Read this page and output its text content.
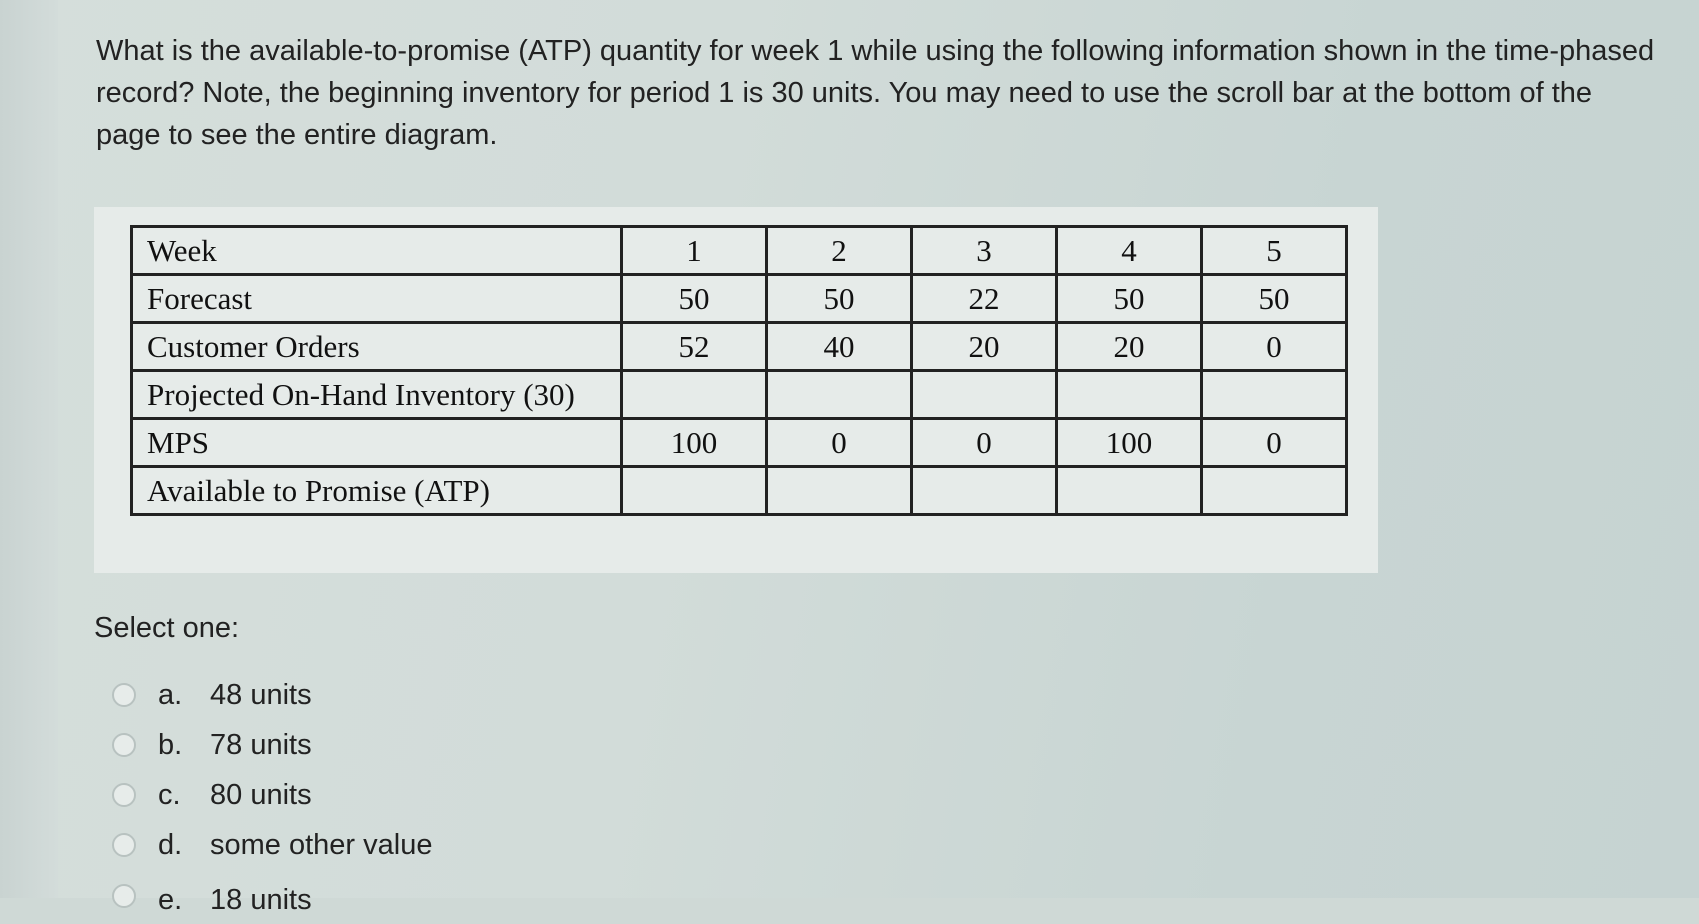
What is the available-to-promise (ATP) quantity for week 1 while using the following information shown in the time-phased
record? Note, the beginning inventory for period 1 is 30 units. You may need to use the scroll bar at the bottom of the
page to see the entire diagram.
Week	1	2	3	4	5
Forecast	50	50	22	50	50
Customer Orders	52	40	20	20	0
Projected On-Hand Inventory (30)					
MPS	100	0	0	100	0
Available to Promise (ATP)					
Select one:
a. 48 units
b. 78 units
c.	80 units
d. some other value
e. 18 units
